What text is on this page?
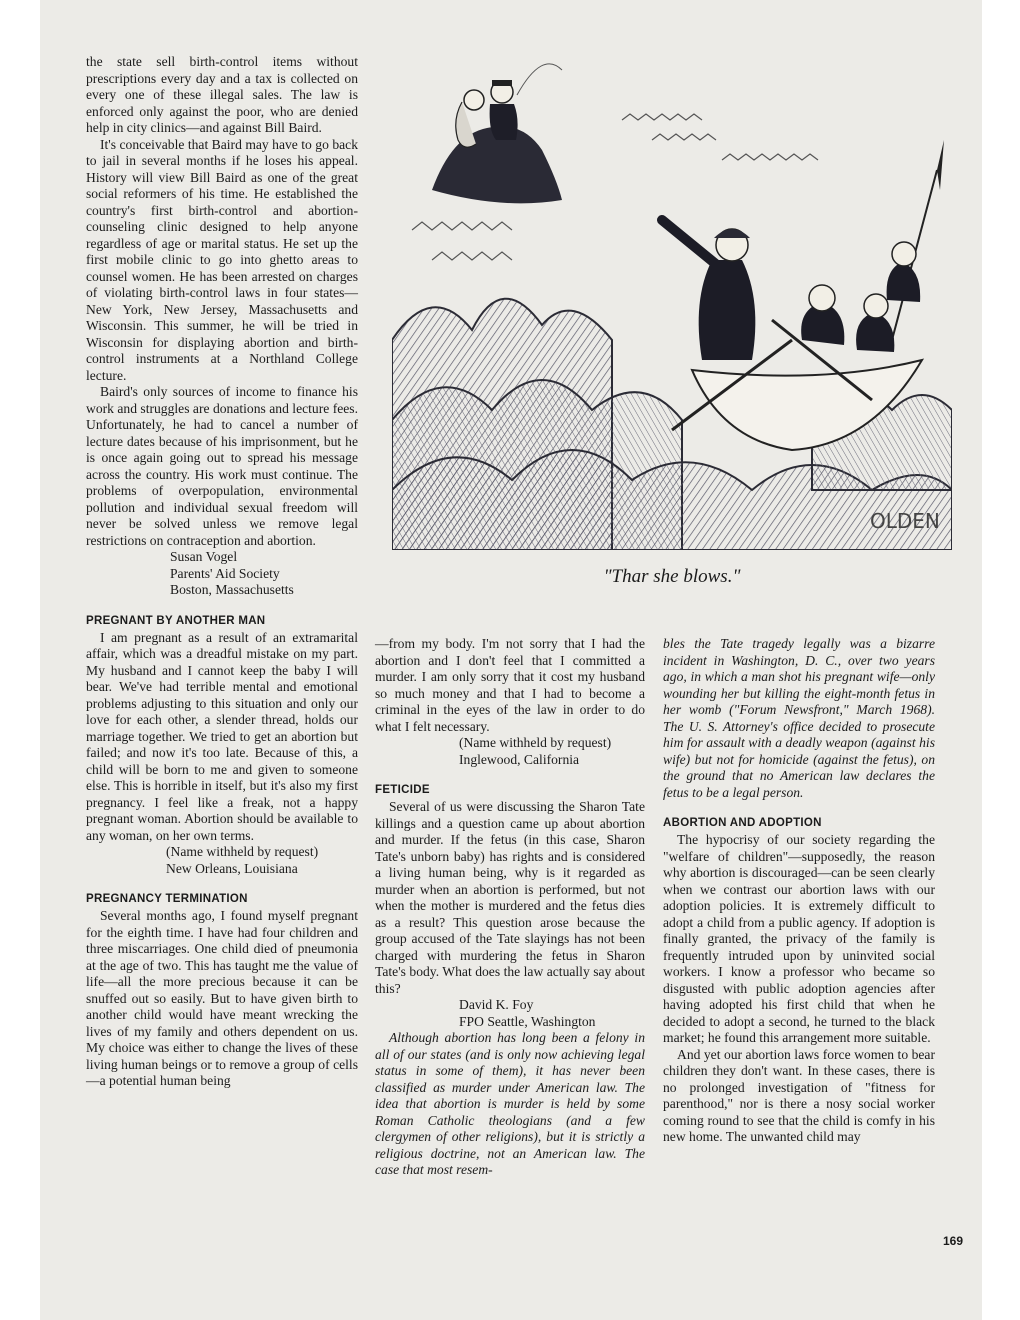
the state sell birth-control items without prescriptions every day and a tax is collected on every one of these illegal sales. The law is enforced only against the poor, who are denied help in city clinics—and against Bill Baird.

It's conceivable that Baird may have to go back to jail in several months if he loses his appeal. History will view Bill Baird as one of the great social reformers of his time. He established the country's first birth-control and abortion-counseling clinic designed to help anyone regardless of age or marital status. He set up the first mobile clinic to go into ghetto areas to counsel women. He has been arrested on charges of violating birth-control laws in four states—New York, New Jersey, Massachusetts and Wisconsin. This summer, he will be tried in Wisconsin for displaying abortion and birth-control instruments at a Northland College lecture.

Baird's only sources of income to finance his work and struggles are donations and lecture fees. Unfortunately, he had to cancel a number of lecture dates because of his imprisonment, but he is once again going out to spread his message across the country. His work must continue. The problems of overpopulation, environmental pollution and individual sexual freedom will never be solved unless we remove legal restrictions on contraception and abortion.

Susan Vogel
Parents' Aid Society
Boston, Massachusetts
PREGNANT BY ANOTHER MAN

I am pregnant as a result of an extramarital affair, which was a dreadful mistake on my part. My husband and I cannot keep the baby I will bear. We've had terrible mental and emotional problems adjusting to this situation and only our love for each other, a slender thread, holds our marriage together. We tried to get an abortion but failed; and now it's too late. Because of this, a child will be born to me and given to someone else. This is horrible in itself, but it's also my first pregnancy. I feel like a freak, not a happy pregnant woman. Abortion should be available to any woman, on her own terms.

(Name withheld by request)
New Orleans, Louisiana
PREGNANCY TERMINATION

Several months ago, I found myself pregnant for the eighth time. I have had four children and three miscarriages. One child died of pneumonia at the age of two. This has taught me the value of life—all the more precious because it can be snuffed out so easily. But to have given birth to another child would have meant wrecking the lives of my family and others dependent on us. My choice was either to change the lives of these living human beings or to remove a group of cells—a potential human being

OLDEN
"Thar she blows."

—from my body. I'm not sorry that I had the abortion and I don't feel that I committed a murder. I am only sorry that it cost my husband so much money and that I had to become a criminal in the eyes of the law in order to do what I felt necessary.

(Name withheld by request)
Inglewood, California
FETICIDE

Several of us were discussing the Sharon Tate killings and a question came up about abortion and murder. If the fetus (in this case, Sharon Tate's unborn baby) has rights and is considered a living human being, why is it regarded as murder when an abortion is performed, but not when the mother is murdered and the fetus dies as a result? This question arose because the group accused of the Tate slayings has not been charged with murdering the fetus in Sharon Tate's body. What does the law actually say about this?

David K. Foy
FPO Seattle, Washington

Although abortion has long been a felony in all of our states (and is only now achieving legal status in some of them), it has never been classified as murder under American law. The idea that abortion is murder is held by some Roman Catholic theologians (and a few clergymen of other religions), but it is strictly a religious doctrine, not an American law. The case that most resem-

bles the Tate tragedy legally was a bizarre incident in Washington, D. C., over two years ago, in which a man shot his pregnant wife—only wounding her but killing the eight-month fetus in her womb ("Forum Newsfront," March 1968). The U. S. Attorney's office decided to prosecute him for assault with a deadly weapon (against his wife) but not for homicide (against the fetus), on the ground that no American law declares the fetus to be a legal person.

ABORTION AND ADOPTION

The hypocrisy of our society regarding the "welfare of children"—supposedly, the reason why abortion is discouraged—can be seen clearly when we contrast our abortion laws with our adoption policies. It is extremely difficult to adopt a child from a public agency. If adoption is finally granted, the privacy of the family is frequently intruded upon by uninvited social workers. I know a professor who became so disgusted with public adoption agencies after having adopted his first child that when he decided to adopt a second, he turned to the black market; he found this arrangement more suitable.

And yet our abortion laws force women to bear children they don't want. In these cases, there is no prolonged investigation of "fitness for parenthood," nor is there a nosy social worker coming round to see that the child is comfy in his new home. The unwanted child may

169
